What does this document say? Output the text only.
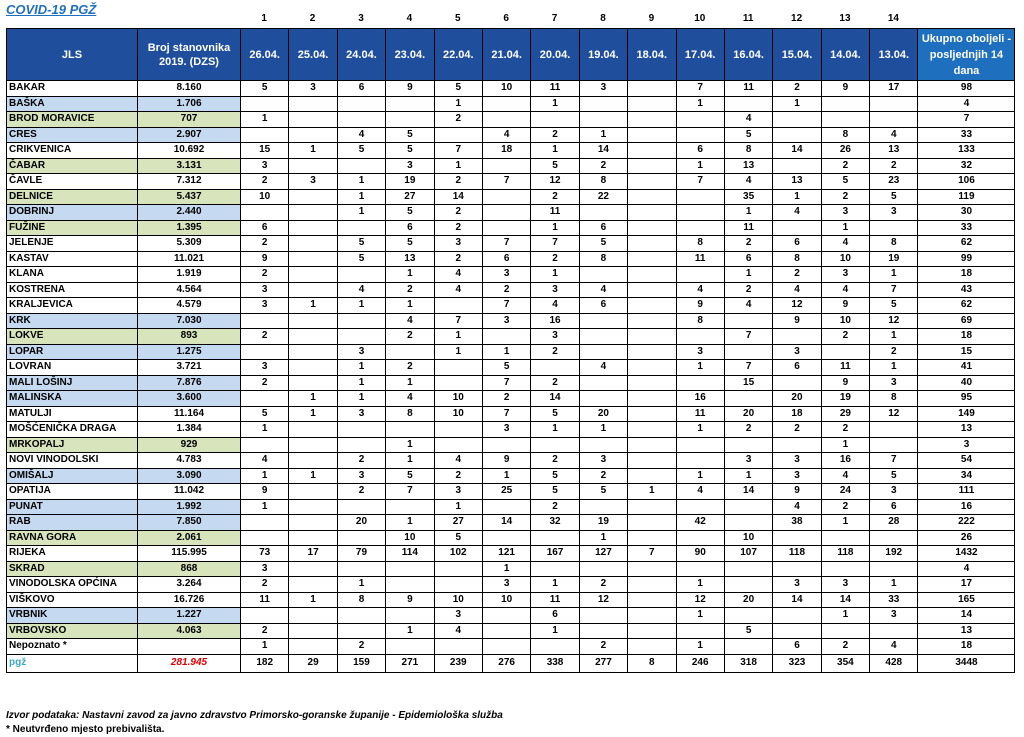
COVID-19 PGŽ
1	2	3	4	5	6	7	8	9	10	11	12	13	14
JLS	Broj stanovnika 2019. (DZS)	26.04.	25.04.	24.04.	23.04.	22.04.	21.04.	20.04.	19.04.	18.04.	17.04.	16.04.	15.04.	14.04.	13.04.	Ukupno oboljeli - posljednjih 14 dana
BAKAR	8.160	5	3	6	9	5	10	11	3		7	11	2	9	17	98
BAŠKA	1.706					1		1			1		1			4
BROD MORAVICE	707	1				2						4				7
CRES	2.907			4	5		4	2	1			5		8	4	33
CRIKVENICA	10.692	15	1	5	5	7	18	1	14		6	8	14	26	13	133
ČABAR	3.131	3			3	1		5	2		1	13		2	2	32
ČAVLE	7.312	2	3	1	19	2	7	12	8		7	4	13	5	23	106
DELNICE	5.437	10		1	27	14		2	22			35	1	2	5	119
DOBRINJ	2.440			1	5	2		11				1	4	3	3	30
FUŽINE	1.395	6			6	2		1	6			11		1		33
JELENJE	5.309	2		5	5	3	7	7	5		8	2	6	4	8	62
KASTAV	11.021	9		5	13	2	6	2	8		11	6	8	10	19	99
KLANA	1.919	2			1	4	3	1				1	2	3	1	18
KOSTRENA	4.564	3		4	2	4	2	3	4		4	2	4	4	7	43
KRALJEVICA	4.579	3	1	1	1		7	4	6		9	4	12	9	5	62
KRK	7.030				4	7	3	16			8		9	10	12	69
LOKVE	893	2			2	1		3				7		2	1	18
LOPAR	1.275			3		1	1	2			3		3		2	15
LOVRAN	3.721	3		1	2		5		4		1	7	6	11	1	41
MALI LOŠINJ	7.876	2		1	1		7	2				15		9	3	40
MALINSKA	3.600		1	1	4	10	2	14			16		20	19	8	95
MATULJI	11.164	5	1	3	8	10	7	5	20		11	20	18	29	12	149
MOŠĆENIČKA DRAGA	1.384	1					3	1	1		1	2	2	2		13
MRKOPALJ	929				1									1		3
NOVI VINODOLSKI	4.783	4		2	1	4	9	2	3			3	3	16	7	54
OMIŠALJ	3.090	1	1	3	5	2	1	5	2		1	1	3	4	5	34
OPATIJA	11.042	9		2	7	3	25	5	5	1	4	14	9	24	3	111
PUNAT	1.992	1				1		2					4	2	6	16
RAB	7.850			20	1	27	14	32	19		42		38	1	28	222
RAVNA GORA	2.061				10	5			1			10				26
RIJEKA	115.995	73	17	79	114	102	121	167	127	7	90	107	118	118	192	1432
SKRAD	868	3					1									4
VINODOLSKA OPĆINA	3.264	2		1			3	1	2		1		3	3	1	17
VIŠKOVO	16.726	11	1	8	9	10	10	11	12		12	20	14	14	33	165
VRBNIK	1.227					3		6			1			1	3	14
VRBOVSKO	4.063	2			1	4		1				5				13
Nepoznato *		1		2					2		1		6	2	4	18
pgž	281.945	182	29	159	271	239	276	338	277	8	246	318	323	354	428	3448
Izvor podataka: Nastavni zavod za javno zdravstvo Primorsko-goranske županije - Epidemiološka služba
* Neutvrđeno mjesto prebivališta.
